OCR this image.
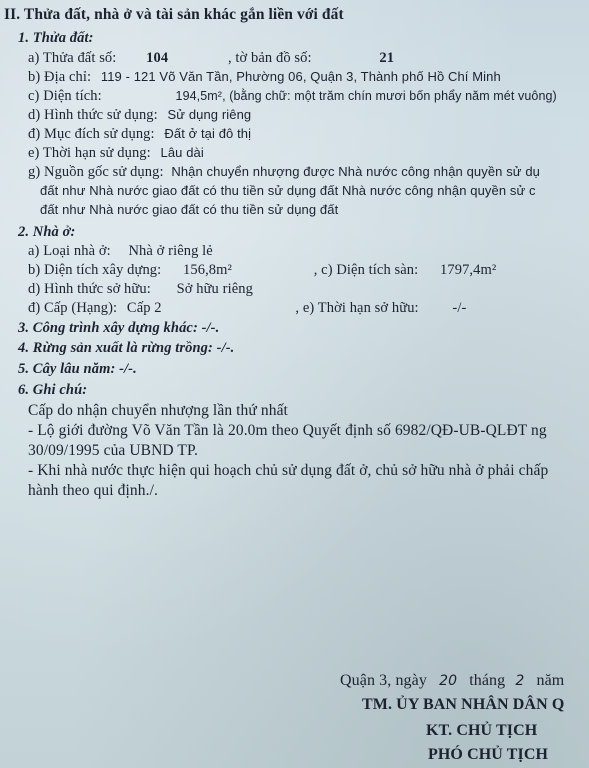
II. Thửa đất, nhà ở và tài sản khác gắn liền với đất
1. Thửa đất:
a) Thửa đất số: 104	, tờ bản đồ số:	21
b) Địa chỉ: 119 - 121 Võ Văn Tần, Phường 06, Quận 3, Thành phố Hồ Chí Minh
c) Diện tích:	194,5m², (bằng chữ: một trăm chín mươi bốn phẩy năm mét vuông)
d) Hình thức sử dụng: Sử dụng riêng
đ) Mục đích sử dụng: Đất ở tại đô thị
e) Thời hạn sử dụng: Lâu dài
g) Nguồn gốc sử dụng: Nhận chuyển nhượng được Nhà nước công nhận quyền sử dụ
đất như Nhà nước giao đất có thu tiền sử dụng đất Nhà nước công nhận quyền sử c
đất như Nhà nước giao đất có thu tiền sử dụng đất
2. Nhà ở:
a) Loại nhà ở: Nhà ở riêng lẻ
b) Diện tích xây dựng: 156,8m²	, c) Diện tích sàn: 1797,4m²
d) Hình thức sở hữu: Sở hữu riêng
đ) Cấp (Hạng): Cấp 2	, e) Thời hạn sở hữu: -/-
3. Công trình xây dựng khác: -/-.
4. Rừng sản xuất là rừng trồng: -/-.
5. Cây lâu năm: -/-.
6. Ghi chú:
Cấp do nhận chuyển nhượng lần thứ nhất
- Lộ giới đường Võ Văn Tần là 20.0m theo Quyết định số 6982/QĐ-UB-QLĐT ng
30/09/1995 của UBND TP.
- Khi nhà nước thực hiện qui hoạch chủ sử dụng đất ở, chủ sở hữu nhà ở phải chấp
hành theo qui định./.
Quận 3, ngày 20 tháng 2 năm
TM. ỦY BAN NHÂN DÂN Q
KT. CHỦ TỊCH
PHÓ CHỦ TỊCH
